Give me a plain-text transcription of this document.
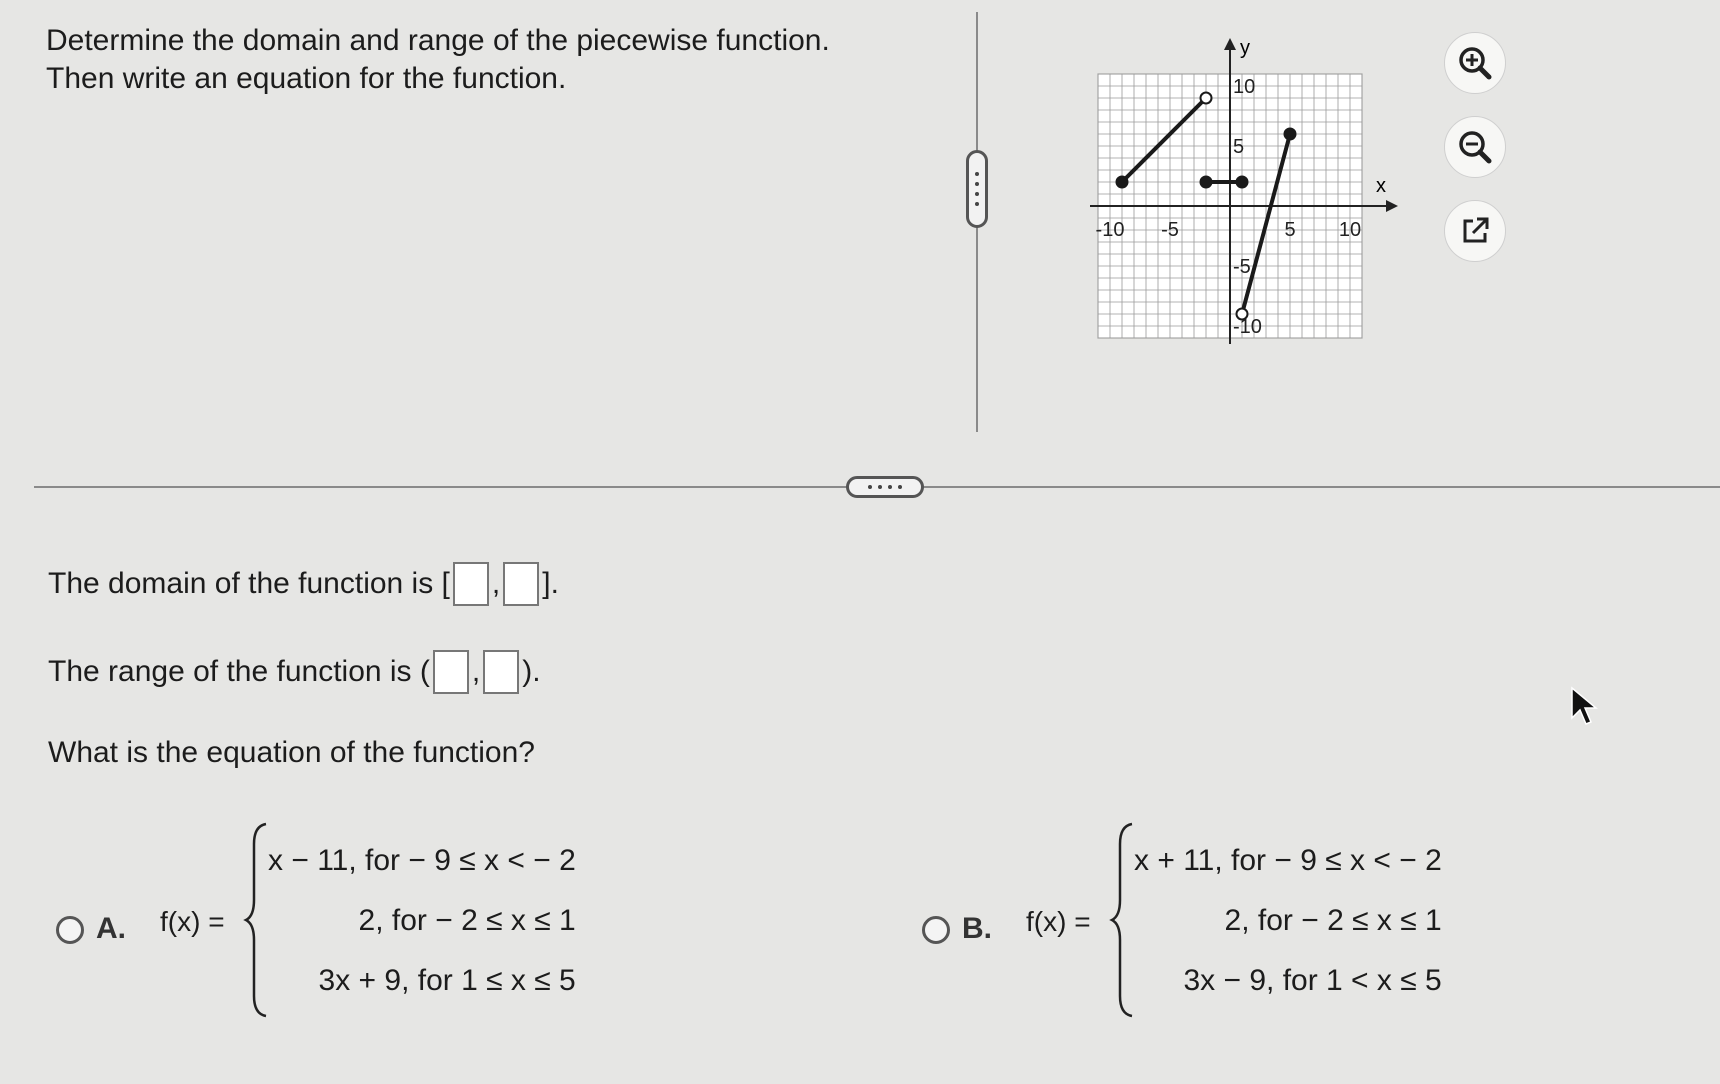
Determine the domain and range of the piecewise function.
Then write an equation for the function.
y
x
-10 -5	5 10
10
5
-5
-10
The domain of the function is [ , ].
The range of the function is ( , ).
What is the equation of the function?
A. f(x) =
x − 11, for − 9 ≤ x < − 2
2, for − 2 ≤ x ≤ 1
3x + 9, for 1 ≤ x ≤ 5
B. f(x) =
x + 11, for − 9 ≤ x < − 2
2, for − 2 ≤ x ≤ 1
3x − 9, for 1 < x ≤ 5
